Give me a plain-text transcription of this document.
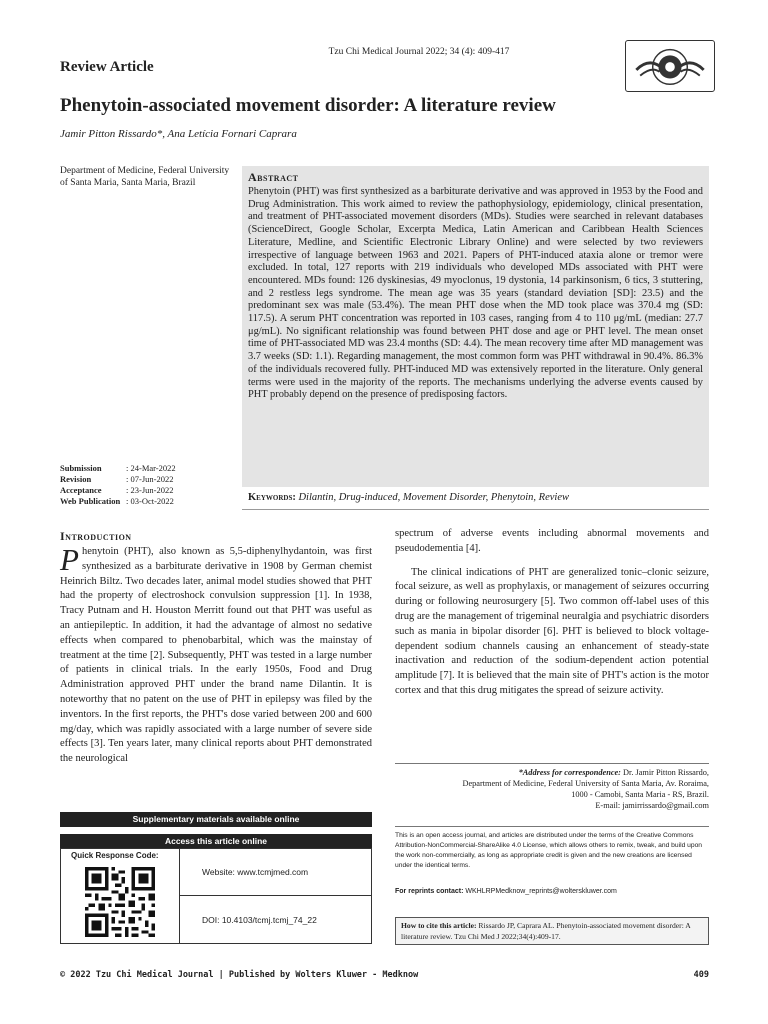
Tzu Chi Medical Journal 2022; 34 (4): 409-417
Review Article
Phenytoin-associated movement disorder: A literature review
Jamir Pitton Rissardo*, Ana Letícia Fornari Caprara
Department of Medicine, Federal University of Santa Maria, Santa Maria, Brazil
Submission	: 24-Mar-2022
Revision	: 07-Jun-2022
Acceptance	: 23-Jun-2022
Web Publication : 03-Oct-2022
Abstract
Phenytoin (PHT) was first synthesized as a barbiturate derivative and was approved in 1953 by the Food and Drug Administration. This work aimed to review the pathophysiology, epidemiology, clinical presentation, and treatment of PHT-associated movement disorders (MDs). Studies were searched in relevant databases (ScienceDirect, Google Scholar, Excerpta Medica, Latin American and Caribbean Health Sciences Literature, Medline, and Scientific Electronic Library Online) and were selected by two reviewers irrespective of language between 1963 and 2021. Papers of PHT-induced ataxia alone or tremor were excluded. In total, 127 reports with 219 individuals who developed MDs associated with PHT were encountered. MDs found: 126 dyskinesias, 49 myoclonus, 19 dystonia, 14 parkinsonism, 6 tics, 3 stuttering, and 2 restless legs syndrome. The mean age was 35 years (standard deviation [SD]: 23.5) and the predominant sex was male (53.4%). The mean PHT dose when the MD took place was 370.4 mg (SD: 117.5). A serum PHT concentration was reported in 103 cases, ranging from 4 to 110 μg/mL (median: 27.7 μg/mL). No significant relationship was found between PHT dose and age or PHT level. The mean onset time of PHT-associated MD was 23.4 months (SD: 4.4). The mean recovery time after MD management was 3.7 weeks (SD: 1.1). Regarding management, the most common form was PHT withdrawal in 90.4%. 86.3% of the individuals recovered fully. PHT-induced MD was extensively reported in the literature. Only general terms were used in the majority of the reports. The mechanisms underlying the adverse events caused by PHT probably depend on the presence of predisposing factors.
Keywords: Dilantin, Drug-induced, Movement Disorder, Phenytoin, Review
Introduction
Phenytoin (PHT), also known as 5,5-diphenylhydantoin, was first synthesized as a barbiturate derivative in 1908 by German chemist Heinrich Biltz. Two decades later, animal model studies showed that PHT had the property of electroshock convulsion suppression [1]. In 1938, Tracy Putnam and H. Houston Merritt found out that PHT was useful as an antiepileptic. In addition, it had the advantage of almost no sedative effects when compared to phenobarbital, which was the mainstay of treatment at the time [2]. Subsequently, PHT was tested in a large number of patients in clinical trials. In the early 1950s, Food and Drug Administration approved PHT under the brand name Dilantin. It is noteworthy that no patent on the use of PHT in epilepsy was filed by the inventors. In the first reports, the PHT's dose varied between 200 and 600 mg/day, which was rapidly associated with a large number of severe side effects [3]. Ten years later, many clinical reports about PHT demonstrated the neurological

spectrum of adverse events including abnormal movements and pseudodementia [4].

The clinical indications of PHT are generalized tonic–clonic seizure, focal seizure, as well as prophylaxis, or management of seizures occurring during or following neurosurgery [5]. Two common off-label uses of this drug are the management of trigeminal neuralgia and psychiatric disorders such as mania in bipolar disorder [6]. PHT is believed to block voltage-dependent sodium channels causing an enhancement of steady-state inactivation and reduction of the sodium-dependent action potential amplitude [7]. It is believed that the main site of PHT's action is the motor cortex and that this drug mitigates the spread of seizure activity.

*Address for correspondence: Dr. Jamir Pitton Rissardo,
Department of Medicine, Federal University of Santa Maria, Av. Roraima,
1000 - Camobi, Santa Maria - RS, Brazil.
E-mail: jamirrissardo@gmail.com
This is an open access journal, and articles are distributed under the terms of the Creative Commons Attribution-NonCommercial-ShareAlike 4.0 License, which allows others to remix, tweak, and build upon the work non-commercially, as long as appropriate credit is given and the new creations are licensed under the identical terms.
For reprints contact: WKHLRPMedknow_reprints@wolterskluwer.com
How to cite this article: Rissardo JP, Caprara AL. Phenytoin-associated movement disorder: A literature review. Tzu Chi Med J 2022;34(4):409-17.
Supplementary materials available online
Access this article online
Quick Response Code:
Website: www.tcmjmed.com
DOI: 10.4103/tcmj.tcmj_74_22
© 2022 Tzu Chi Medical Journal | Published by Wolters Kluwer - Medknow	409
